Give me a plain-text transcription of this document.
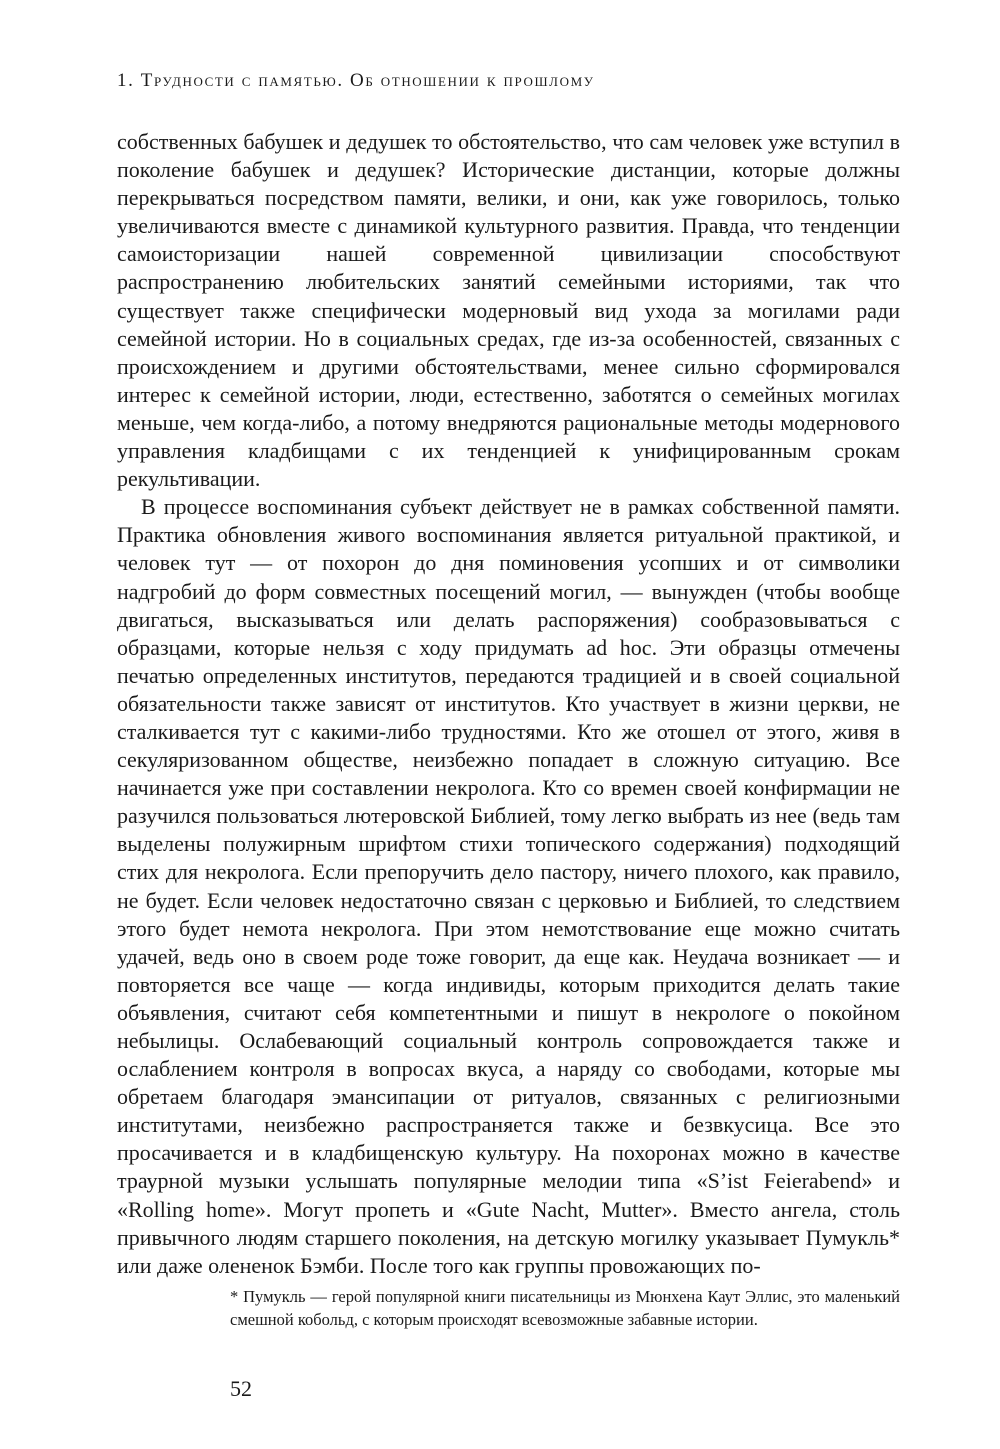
1. Трудности с памятью. Об отношении к прошлому

собственных бабушек и дедушек то обстоятельство, что сам человек уже вступил в поколение бабушек и дедушек? Исторические дистанции, которые должны перекрываться посредством памяти, велики, и они, как уже говорилось, только увеличиваются вместе с динамикой культурного развития. Правда, что тенденции самоисторизации нашей современной цивилизации способствуют распространению любительских занятий семейными историями, так что существует также специфически модерновый вид ухода за могилами ради семейной истории. Но в социальных средах, где из-за особенностей, связанных с происхождением и другими обстоятельствами, менее сильно сформировался интерес к семейной истории, люди, естественно, заботятся о семейных могилах меньше, чем когда-либо, а потому внедряются рациональные методы модернового управления кладбищами с их тенденцией к унифицированным срокам рекультивации.

В процессе воспоминания субъект действует не в рамках собственной памяти. Практика обновления живого воспоминания является ритуальной практикой, и человек тут — от похорон до дня поминовения усопших и от символики надгробий до форм совместных посещений могил, — вынужден (чтобы вообще двигаться, высказываться или делать распоряжения) сообразовываться с образцами, которые нельзя с ходу придумать ad hoc. Эти образцы отмечены печатью определенных институтов, передаются традицией и в своей социальной обязательности также зависят от институтов. Кто участвует в жизни церкви, не сталкивается тут с какими-либо трудностями. Кто же отошел от этого, живя в секуляризованном обществе, неизбежно попадает в сложную ситуацию. Все начинается уже при составлении некролога. Кто со времен своей конфирмации не разучился пользоваться лютеровской Библией, тому легко выбрать из нее (ведь там выделены полужирным шрифтом стихи топического содержания) подходящий стих для некролога. Если препоручить дело пастору, ничего плохого, как правило, не будет. Если человек недостаточно связан с церковью и Библией, то следствием этого будет немота некролога. При этом немотствование еще можно считать удачей, ведь оно в своем роде тоже говорит, да еще как. Неудача возникает — и повторяется все чаще — когда индивиды, которым приходится делать такие объявления, считают себя компетентными и пишут в некрологе о покойном небылицы. Ослабевающий социальный контроль сопровождается также и ослаблением контроля в вопросах вкуса, а наряду со свободами, которые мы обретаем благодаря эмансипации от ритуалов, связанных с религиозными институтами, неизбежно распространяется также и безвкусица. Все это просачивается и в кладбищенскую культуру. На похоронах можно в качестве траурной музыки услышать популярные мелодии типа «S’ist Feierabend» и «Rolling home». Могут пропеть и «Gute Nacht, Mutter». Вместо ангела, столь привычного людям старшего поколения, на детскую могилку указывает Пумукль* или даже олененок Бэмби. После того как группы провожающих по-

* Пумукль — герой популярной книги писательницы из Мюнхена Каут Эллис, это маленький смешной кобольд, с которым происходят всевозможные забавные истории.
52
